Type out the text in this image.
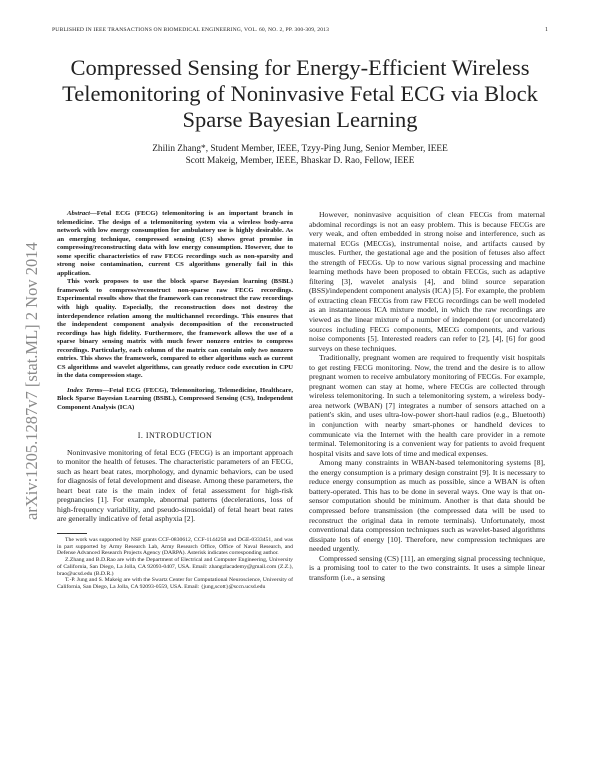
PUBLISHED IN IEEE TRANSACTIONS ON BIOMEDICAL ENGINEERING, VOL. 60, NO. 2, PP. 300-309, 2013	1
Compressed Sensing for Energy-Efficient Wireless Telemonitoring of Noninvasive Fetal ECG via Block Sparse Bayesian Learning
Zhilin Zhang*, Student Member, IEEE, Tzyy-Ping Jung, Senior Member, IEEE
Scott Makeig, Member, IEEE, Bhaskar D. Rao, Fellow, IEEE
arXiv:1205.1287v7 [stat.ML] 2 Nov 2014

Abstract—Fetal ECG (FECG) telemonitoring is an important branch in telemedicine. The design of a telemonitoring system via a wireless body-area network with low energy consumption for ambulatory use is highly desirable. As an emerging technique, compressed sensing (CS) shows great promise in compressing/reconstructing data with low energy consumption. However, due to some specific characteristics of raw FECG recordings such as non-sparsity and strong noise contamination, current CS algorithms generally fail in this application.

This work proposes to use the block sparse Bayesian learning (BSBL) framework to compress/reconstruct non-sparse raw FECG recordings. Experimental results show that the framework can reconstruct the raw recordings with high quality. Especially, the reconstruction does not destroy the interdependence relation among the multichannel recordings. This ensures that the independent component analysis decomposition of the reconstructed recordings has high fidelity. Furthermore, the framework allows the use of a sparse binary sensing matrix with much fewer nonzero entries to compress recordings. Particularly, each column of the matrix can contain only two nonzero entries. This shows the framework, compared to other algorithms such as current CS algorithms and wavelet algorithms, can greatly reduce code execution in CPU in the data compression stage.

Index Terms—Fetal ECG (FECG), Telemonitoring, Telemedicine, Healthcare, Block Sparse Bayesian Learning (BSBL), Compressed Sensing (CS), Independent Component Analysis (ICA)

I. INTRODUCTION

Noninvasive monitoring of fetal ECG (FECG) is an important approach to monitor the health of fetuses. The characteristic parameters of an FECG, such as heart beat rates, morphology, and dynamic behaviors, can be used for diagnosis of fetal development and disease. Among these parameters, the heart beat rate is the main index of fetal assessment for high-risk pregnancies [1]. For example, abnormal patterns (decelerations, loss of high-frequency variability, and pseudo-sinusoidal) of fetal heart beat rates are generally indicative of fetal asphyxia [2].

The work was supported by NSF grants CCF-0830612, CCF-1144258 and DGE-0333451, and was in part supported by Army Research Lab, Army Research Office, Office of Naval Research, and Defense Advanced Research Projects Agency (DARPA). Asterisk indicates corresponding author.

Z.Zhang and B.D.Rao are with the Department of Electrical and Computer Engineering, University of California, San Diego, La Jolla, CA 92093-0407, USA. Email: zhangzlacademy@gmail.com (Z.Z.), brao@ucsd.edu (B.D.R.)

T.-P. Jung and S. Makeig are with the Swartz Center for Computational Neuroscience, University of California, San Diego, La Jolla, CA 92093-0559, USA. Email: {jung,scott}@sccn.ucsd.edu

However, noninvasive acquisition of clean FECGs from maternal abdominal recordings is not an easy problem. This is because FECGs are very weak, and often embedded in strong noise and interference, such as maternal ECGs (MECGs), instrumental noise, and artifacts caused by muscles. Further, the gestational age and the position of fetuses also affect the strength of FECGs. Up to now various signal processing and machine learning methods have been proposed to obtain FECGs, such as adaptive filtering [3], wavelet analysis [4], and blind source separation (BSS)/independent component analysis (ICA) [5]. For example, the problem of extracting clean FECGs from raw FECG recordings can be well modeled as an instantaneous ICA mixture model, in which the raw recordings are viewed as the linear mixture of a number of independent (or uncorrelated) sources including FECG components, MECG components, and various noise components [5]. Interested readers can refer to [2], [4], [6] for good surveys on these techniques.

Traditionally, pregnant women are required to frequently visit hospitals to get resting FECG monitoring. Now, the trend and the desire is to allow pregnant women to receive ambulatory monitoring of FECGs. For example, pregnant women can stay at home, where FECGs are collected through wireless telemonitoring. In such a telemonitoring system, a wireless body-area network (WBAN) [7] integrates a number of sensors attached on a patient's skin, and uses ultra-low-power short-haul radios (e.g., Bluetooth) in conjunction with nearby smart-phones or handheld devices to communicate via the Internet with the health care provider in a remote terminal. Telemonitoring is a convenient way for patients to avoid frequent hospital visits and save lots of time and medical expenses.

Among many constraints in WBAN-based telemonitoring systems [8], the energy consumption is a primary design constraint [9]. It is necessary to reduce energy consumption as much as possible, since a WBAN is often battery-operated. This has to be done in several ways. One way is that on-sensor computation should be minimum. Another is that data should be compressed before transmission (the compressed data will be used to reconstruct the original data in remote terminals). Unfortunately, most conventional data compression techniques such as wavelet-based algorithms dissipate lots of energy [10]. Therefore, new compression techniques are needed urgently.

Compressed sensing (CS) [11], an emerging signal processing technique, is a promising tool to cater to the two constraints. It uses a simple linear transform (i.e., a sensing
